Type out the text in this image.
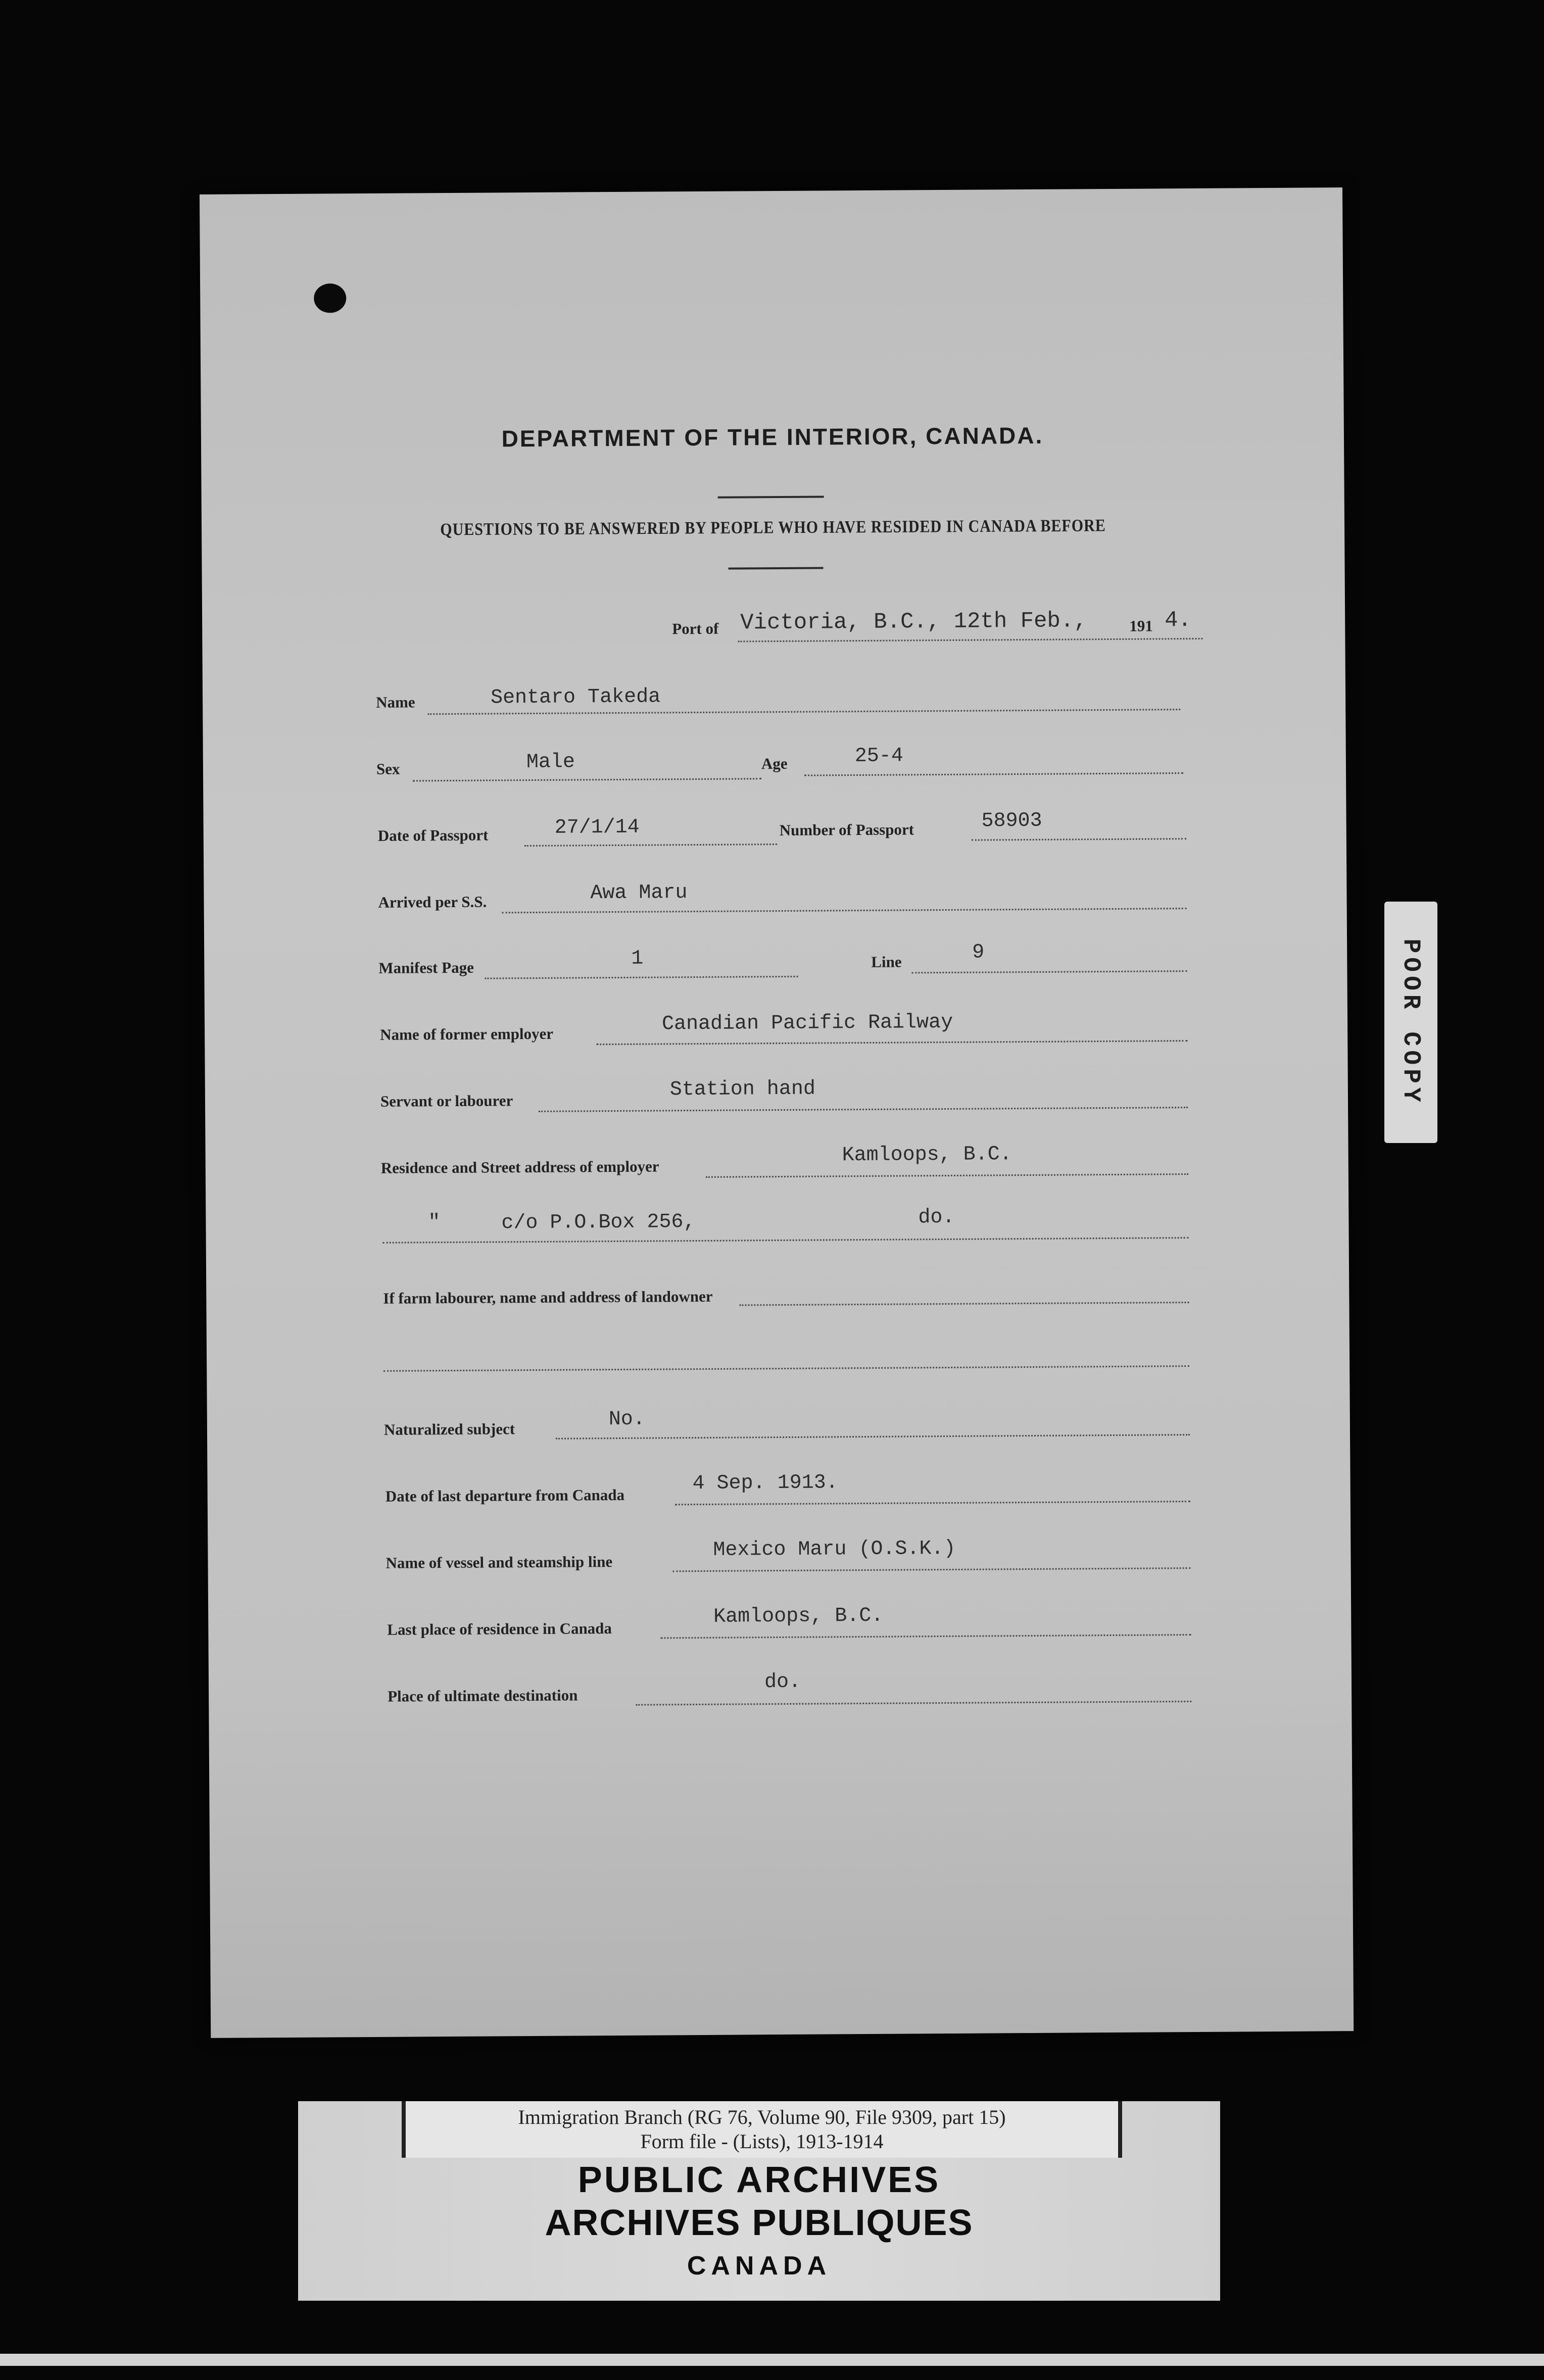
DEPARTMENT OF THE INTERIOR, CANADA.
QUESTIONS TO BE ANSWERED BY PEOPLE WHO HAVE RESIDED IN CANADA BEFORE
Port of Victoria, B.C., 12th Feb.,	191 4.
Name	Sentaro Takeda
Sex	Male	Age	25-4
Date of Passport	27/1/14	Number of Passport	58903
Arrived per S.S.	Awa Maru
Manifest Page	1	Line	9
Name of former employer	Canadian Pacific Railway
Servant or labourer	Station hand
Residence and Street address of employer
Kamloops, B.C.
"	c/o P.O.Box 256,	do.
If farm labourer, name and address of landowner
Naturalized subject	No.
Date of last departure from Canada
4 Sep. 1913.
Name of vessel and steamship line
Mexico Maru (O.S.K.)
Last place of residence in Canada
Kamloops, B.C.
Place of ultimate destination
do.
POOR COPY
Immigration Branch (RG 76, Volume 90, File 9309, part 15)
Form file - (Lists), 1913-1914
PUBLIC ARCHIVES
ARCHIVES PUBLIQUES
CANADA
